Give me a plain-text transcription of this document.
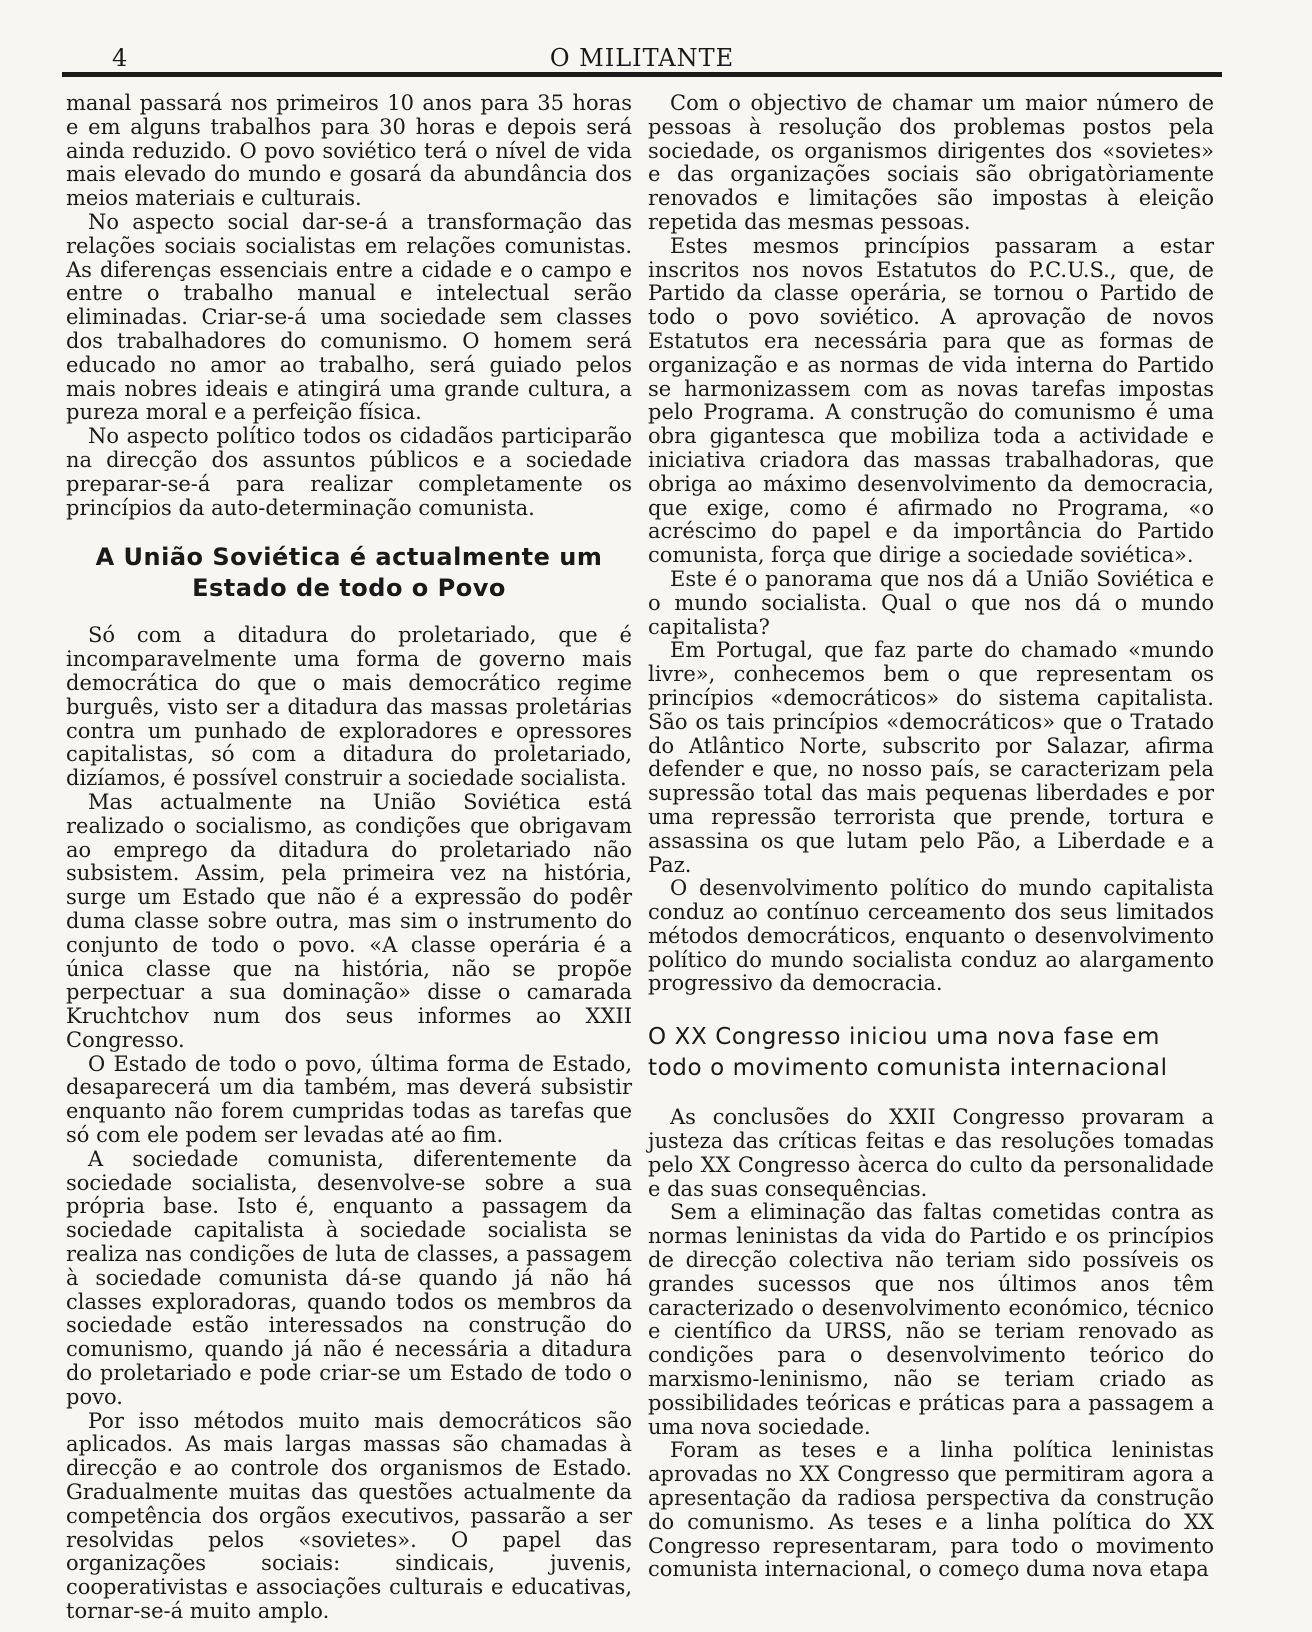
4	O MILITANTE

manal passará nos primeiros 10 anos para 35 horas e em alguns trabalhos para 30 horas e depois será ainda reduzido. O povo soviético terá o nível de vida mais elevado do mundo e gosará da abundância dos meios materiais e culturais.

No aspecto social dar-se-á a transformação das relações sociais socialistas em relações comunistas. As diferenças essenciais entre a cidade e o campo e entre o trabalho manual e intelectual serão eliminadas. Criar-se-á uma sociedade sem classes dos trabalhadores do comunismo. O homem será educado no amor ao trabalho, será guiado pelos mais nobres ideais e atingirá uma grande cultura, a pureza moral e a perfeição física.

No aspecto político todos os cidadãos participarão na direcção dos assuntos públicos e a sociedade preparar-se-á para realizar completamente os princípios da auto-determinação comunista.

A União Soviética é actualmente um Estado de todo o Povo

Só com a ditadura do proletariado, que é incomparavelmente uma forma de governo mais democrática do que o mais democrático regime burguês, visto ser a ditadura das massas proletárias contra um punhado de exploradores e opressores capitalistas, só com a ditadura do proletariado, dizíamos, é possível construir a sociedade socialista.

Mas actualmente na União Soviética está realizado o socialismo, as condições que obrigavam ao emprego da ditadura do proletariado não subsistem. Assim, pela primeira vez na história, surge um Estado que não é a expressão do podêr duma classe sobre outra, mas sim o instrumento do conjunto de todo o povo. «A classe operária é a única classe que na história, não se propõe perpectuar a sua dominação» disse o camarada Kruchtchov num dos seus informes ao XXII Congresso.

O Estado de todo o povo, última forma de Estado, desaparecerá um dia também, mas deverá subsistir enquanto não forem cumpridas todas as tarefas que só com ele podem ser levadas até ao fim.

A sociedade comunista, diferentemente da sociedade socialista, desenvolve-se sobre a sua própria base. Isto é, enquanto a passagem da sociedade capitalista à sociedade socialista se realiza nas condições de luta de classes, a passagem à sociedade comunista dá-se quando já não há classes exploradoras, quando todos os membros da sociedade estão interessados na construção do comunismo, quando já não é necessária a ditadura do proletariado e pode criar-se um Estado de todo o povo.

Por isso métodos muito mais democráticos são aplicados. As mais largas massas são chamadas à direcção e ao controle dos organismos de Estado. Gradualmente muitas das questões actualmente da competência dos orgãos executivos, passarão a ser resolvidas pelos «sovietes». O papel das organizações sociais: sindicais, juvenis, cooperativistas e associações culturais e educativas, tornar-se-á muito amplo.

Com o objectivo de chamar um maior número de pessoas à resolução dos problemas postos pela sociedade, os organismos dirigentes dos «sovietes» e das organizações sociais são obrigatòriamente renovados e limitações são impostas à eleição repetida das mesmas pessoas.

Estes mesmos princípios passaram a estar inscritos nos novos Estatutos do P.C.U.S., que, de Partido da classe operária, se tornou o Partido de todo o povo soviético. A aprovação de novos Estatutos era necessária para que as formas de organização e as normas de vida interna do Partido se harmonizassem com as novas tarefas impostas pelo Programa. A construção do comunismo é uma obra gigantesca que mobiliza toda a actividade e iniciativa criadora das massas trabalhadoras, que obriga ao máximo desenvolvimento da democracia, que exige, como é afirmado no Programa, «o acréscimo do papel e da importância do Partido comunista, força que dirige a sociedade soviética».

Este é o panorama que nos dá a União Soviética e o mundo socialista. Qual o que nos dá o mundo capitalista?

Em Portugal, que faz parte do chamado «mundo livre», conhecemos bem o que representam os princípios «democráticos» do sistema capitalista. São os tais princípios «democráticos» que o Tratado do Atlântico Norte, subscrito por Salazar, afirma defender e que, no nosso país, se caracterizam pela supressão total das mais pequenas liberdades e por uma repressão terrorista que prende, tortura e assassina os que lutam pelo Pão, a Liberdade e a Paz.

O desenvolvimento político do mundo capitalista conduz ao contínuo cerceamento dos seus limitados métodos democráticos, enquanto o desenvolvimento político do mundo socialista conduz ao alargamento progressivo da democracia.

O XX Congresso iniciou uma nova fase em todo o movimento comunista internacional

As conclusões do XXII Congresso provaram a justeza das críticas feitas e das resoluções tomadas pelo XX Congresso àcerca do culto da personalidade e das suas consequências.

Sem a eliminação das faltas cometidas contra as normas leninistas da vida do Partido e os princípios de direcção colectiva não teriam sido possíveis os grandes sucessos que nos últimos anos têm caracterizado o desenvolvimento económico, técnico e científico da URSS, não se teriam renovado as condições para o desenvolvimento teórico do marxismo-leninismo, não se teriam criado as possibilidades teóricas e práticas para a passagem a uma nova sociedade.

Foram as teses e a linha política leninistas aprovadas no XX Congresso que permitiram agora a apresentação da radiosa perspectiva da construção do comunismo. As teses e a linha política do XX Congresso representaram, para todo o movimento comunista internacional, o começo duma nova etapa
